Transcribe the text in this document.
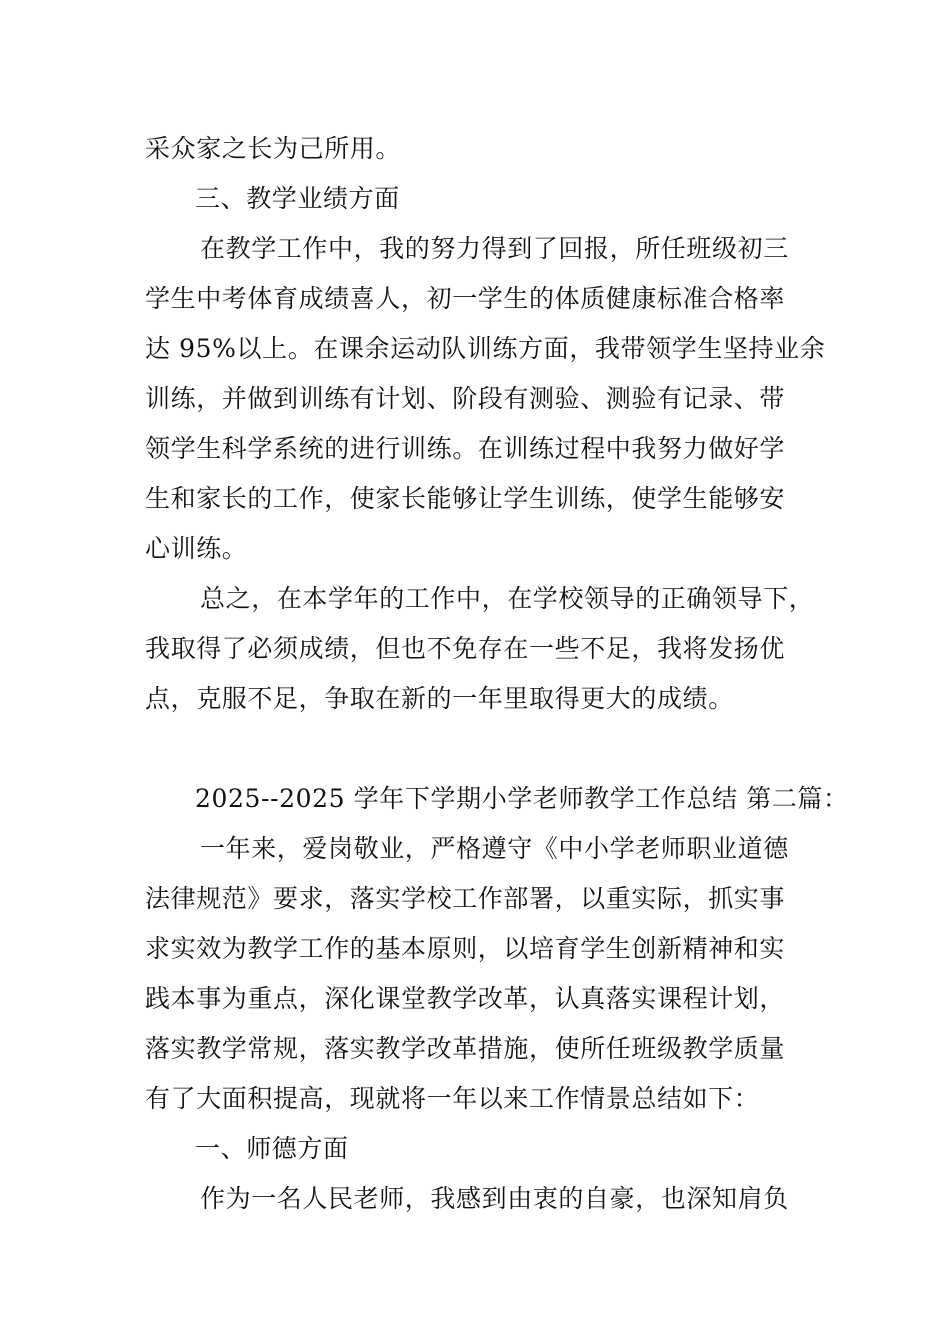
采众家之长为己所用。
三、教学业绩方面
在教学工作中，我的努力得到了回报，所任班级初三
学生中考体育成绩喜人，初一学生的体质健康标准合格率
达 95%以上。在课余运动队训练方面，我带领学生坚持业余
训练，并做到训练有计划、阶段有测验、测验有记录、带
领学生科学系统的进行训练。在训练过程中我努力做好学
生和家长的工作，使家长能够让学生训练，使学生能够安
心训练。
总之，在本学年的工作中，在学校领导的正确领导下，
我取得了必须成绩，但也不免存在一些不足，我将发扬优
点，克服不足，争取在新的一年里取得更大的成绩。
2025--2025 学年下学期小学老师教学工作总结 第二篇：
一年来，爱岗敬业，严格遵守《中小学老师职业道德
法律规范》要求，落实学校工作部署，以重实际，抓实事
求实效为教学工作的基本原则，以培育学生创新精神和实
践本事为重点，深化课堂教学改革，认真落实课程计划，
落实教学常规，落实教学改革措施，使所任班级教学质量
有了大面积提高，现就将一年以来工作情景总结如下：
一、师德方面
作为一名人民老师，我感到由衷的自豪，也深知肩负
